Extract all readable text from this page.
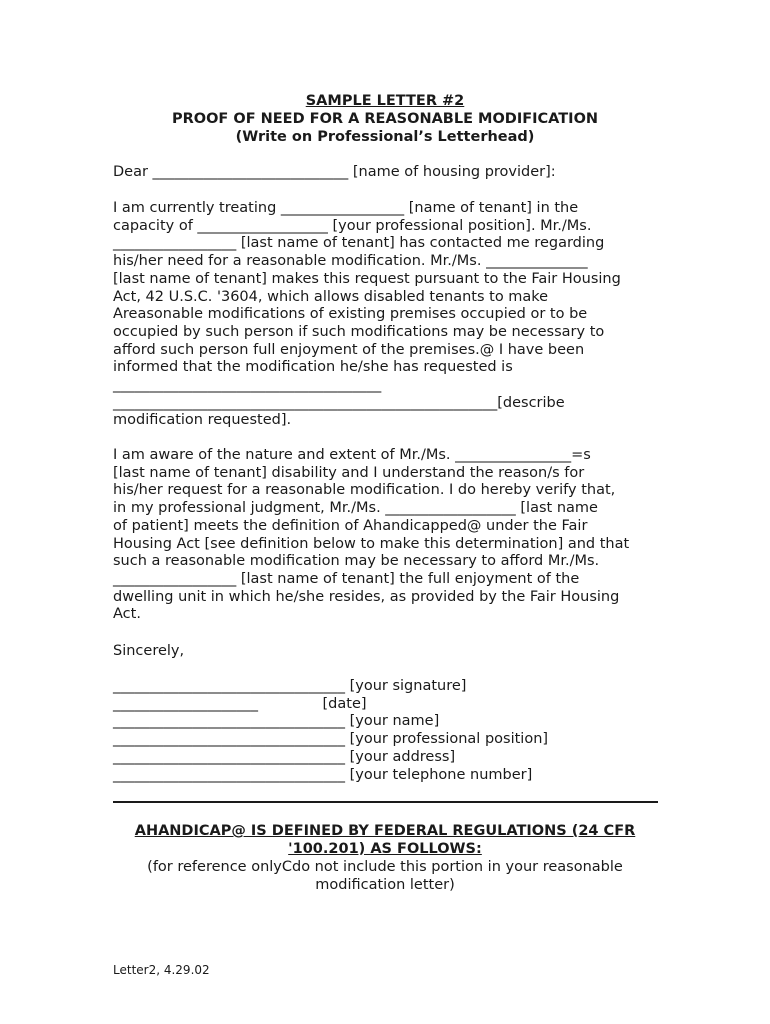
SAMPLE LETTER #2
PROOF OF NEED FOR A REASONABLE MODIFICATION
(Write on Professional’s Letterhead)
Dear ___________________________ [name of housing provider]:
I am currently treating _________________ [name of tenant] in the
capacity of __________________ [your professional position]. Mr./Ms.
_________________ [last name of tenant] has contacted me regarding
his/her need for a reasonable modification. Mr./Ms. ______________
[last name of tenant] makes this request pursuant to the Fair Housing
Act, 42 U.S.C. '3604, which allows disabled tenants to make
Areasonable modifications of existing premises occupied or to be
occupied by such person if such modifications may be necessary to
afford such person full enjoyment of the premises.@ I have been
informed that the modification he/she has requested is
_____________________________________
_____________________________________________________[describe
modification requested].
I am aware of the nature and extent of Mr./Ms. ________________=s
[last name of tenant] disability and I understand the reason/s for
his/her request for a reasonable modification. I do hereby verify that,
in my professional judgment, Mr./Ms. __________________ [last name
of patient] meets the definition of Ahandicapped@ under the Fair
Housing Act [see definition below to make this determination] and that
such a reasonable modification may be necessary to afford Mr./Ms.
_________________ [last name of tenant] the full enjoyment of the
dwelling unit in which he/she resides, as provided by the Fair Housing
Act.
Sincerely,
________________________________ [your signature]
____________________              [date]
________________________________ [your name]
________________________________ [your professional position]
________________________________ [your address]
________________________________ [your telephone number]
AHANDICAP@ IS DEFINED BY FEDERAL REGULATIONS (24 CFR '100.201) AS FOLLOWS:
(for reference onlyCdo not include this portion in your reasonable modification letter)
Letter2, 4.29.02
